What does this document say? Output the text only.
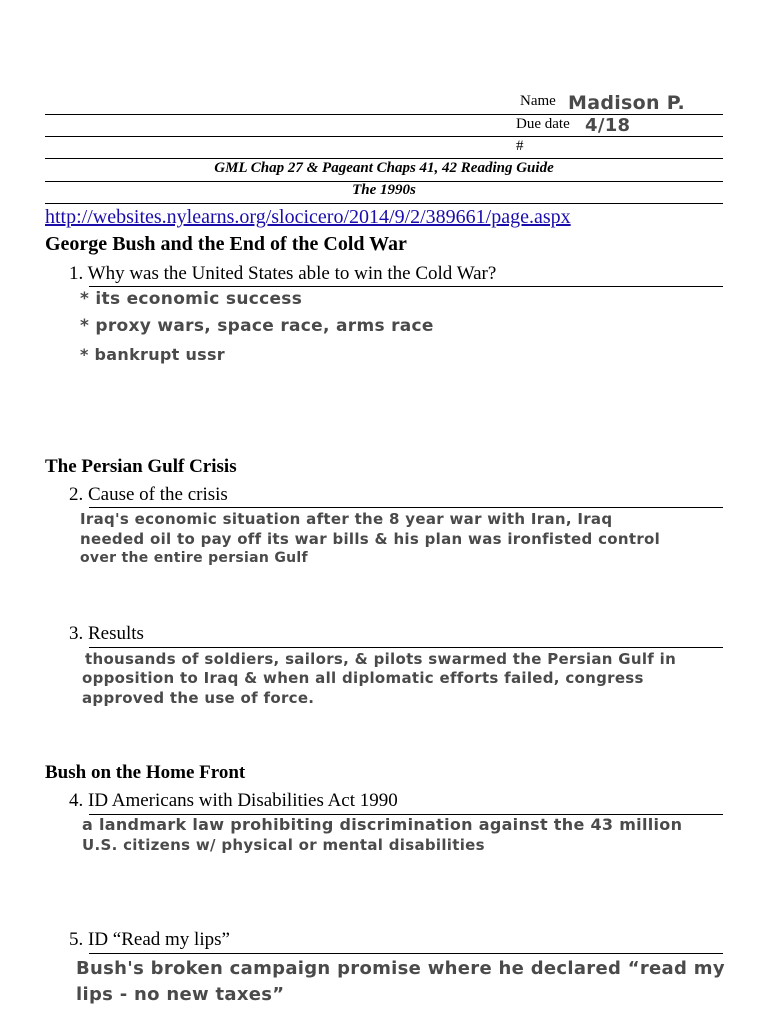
Name Madison P.
Due date 4/18
#
GML Chap 27 & Pageant Chaps 41, 42 Reading Guide
The 1990s
http://websites.nylearns.org/slocicero/2014/9/2/389661/page.aspx
George Bush and the End of the Cold War
1. Why was the United States able to win the Cold War?
* its economic success
* proxy wars, space race, arms race
* bankrupt ussr
The Persian Gulf Crisis
2. Cause of the crisis
Iraq's economic situation after the 8 year war with Iran, Iraq
needed oil to pay off its war bills & his plan was ironfisted control
over the entire persian Gulf
3. Results
thousands of soldiers, sailors, & pilots swarmed the Persian Gulf in
opposition to Iraq & when all diplomatic efforts failed, congress
approved the use of force.
Bush on the Home Front
4. ID Americans with Disabilities Act 1990
a landmark law prohibiting discrimination against the 43 million
U.S. citizens w/ physical or mental disabilities
5. ID “Read my lips”
Bush's broken campaign promise where he declared “read my
lips - no new taxes”
